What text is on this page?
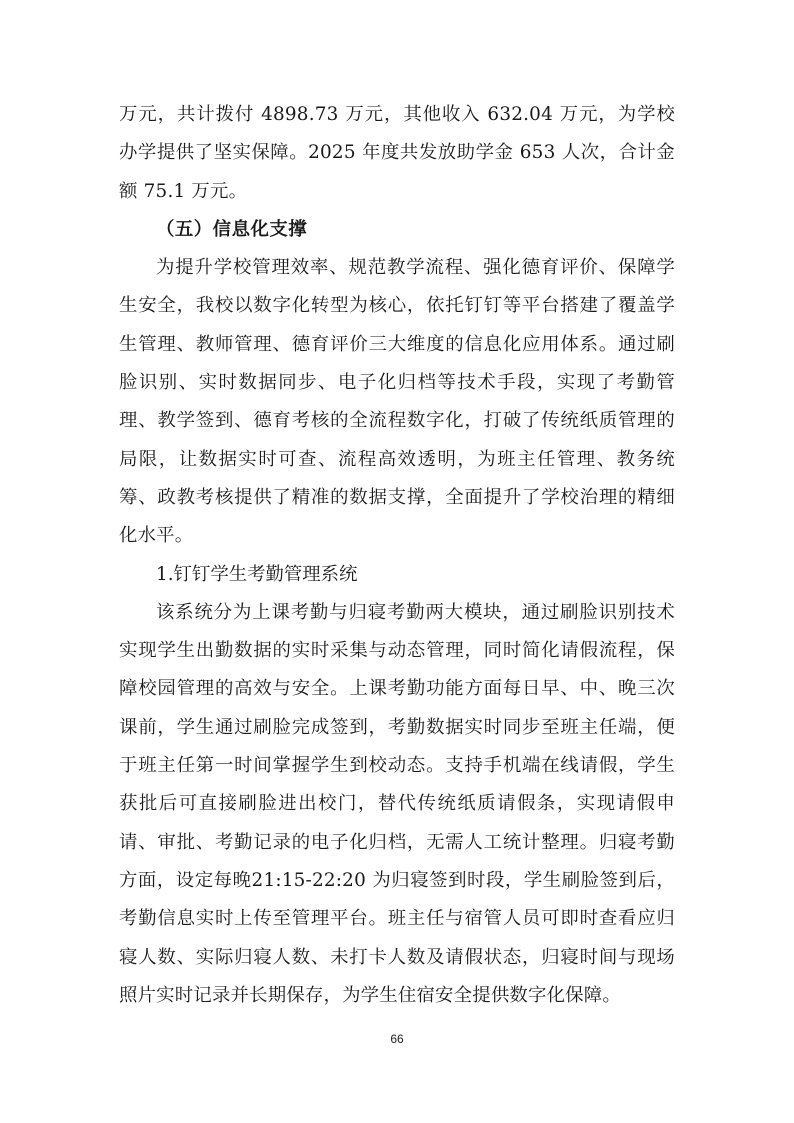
万元，共计拨付 4898.73 万元，其他收入 632.04 万元，为学校办学提供了坚实保障。2025 年度共发放助学金 653 人次，合计金额 75.1 万元。

（五）信息化支撑

为提升学校管理效率、规范教学流程、强化德育评价、保障学生安全，我校以数字化转型为核心，依托钉钉等平台搭建了覆盖学生管理、教师管理、德育评价三大维度的信息化应用体系。通过刷脸识别、实时数据同步、电子化归档等技术手段，实现了考勤管理、教学签到、德育考核的全流程数字化，打破了传统纸质管理的局限，让数据实时可查、流程高效透明，为班主任管理、教务统筹、政教考核提供了精准的数据支撑，全面提升了学校治理的精细化水平。

1.钉钉学生考勤管理系统

该系统分为上课考勤与归寝考勤两大模块，通过刷脸识别技术实现学生出勤数据的实时采集与动态管理，同时简化请假流程，保障校园管理的高效与安全。上课考勤功能方面每日早、中、晚三次课前，学生通过刷脸完成签到，考勤数据实时同步至班主任端，便于班主任第一时间掌握学生到校动态。支持手机端在线请假，学生获批后可直接刷脸进出校门，替代传统纸质请假条，实现请假申请、审批、考勤记录的电子化归档，无需人工统计整理。归寝考勤方面，设定每晚21:15-22:20 为归寝签到时段，学生刷脸签到后，考勤信息实时上传至管理平台。班主任与宿管人员可即时查看应归寝人数、实际归寝人数、未打卡人数及请假状态，归寝时间与现场照片实时记录并长期保存，为学生住宿安全提供数字化保障。

66
